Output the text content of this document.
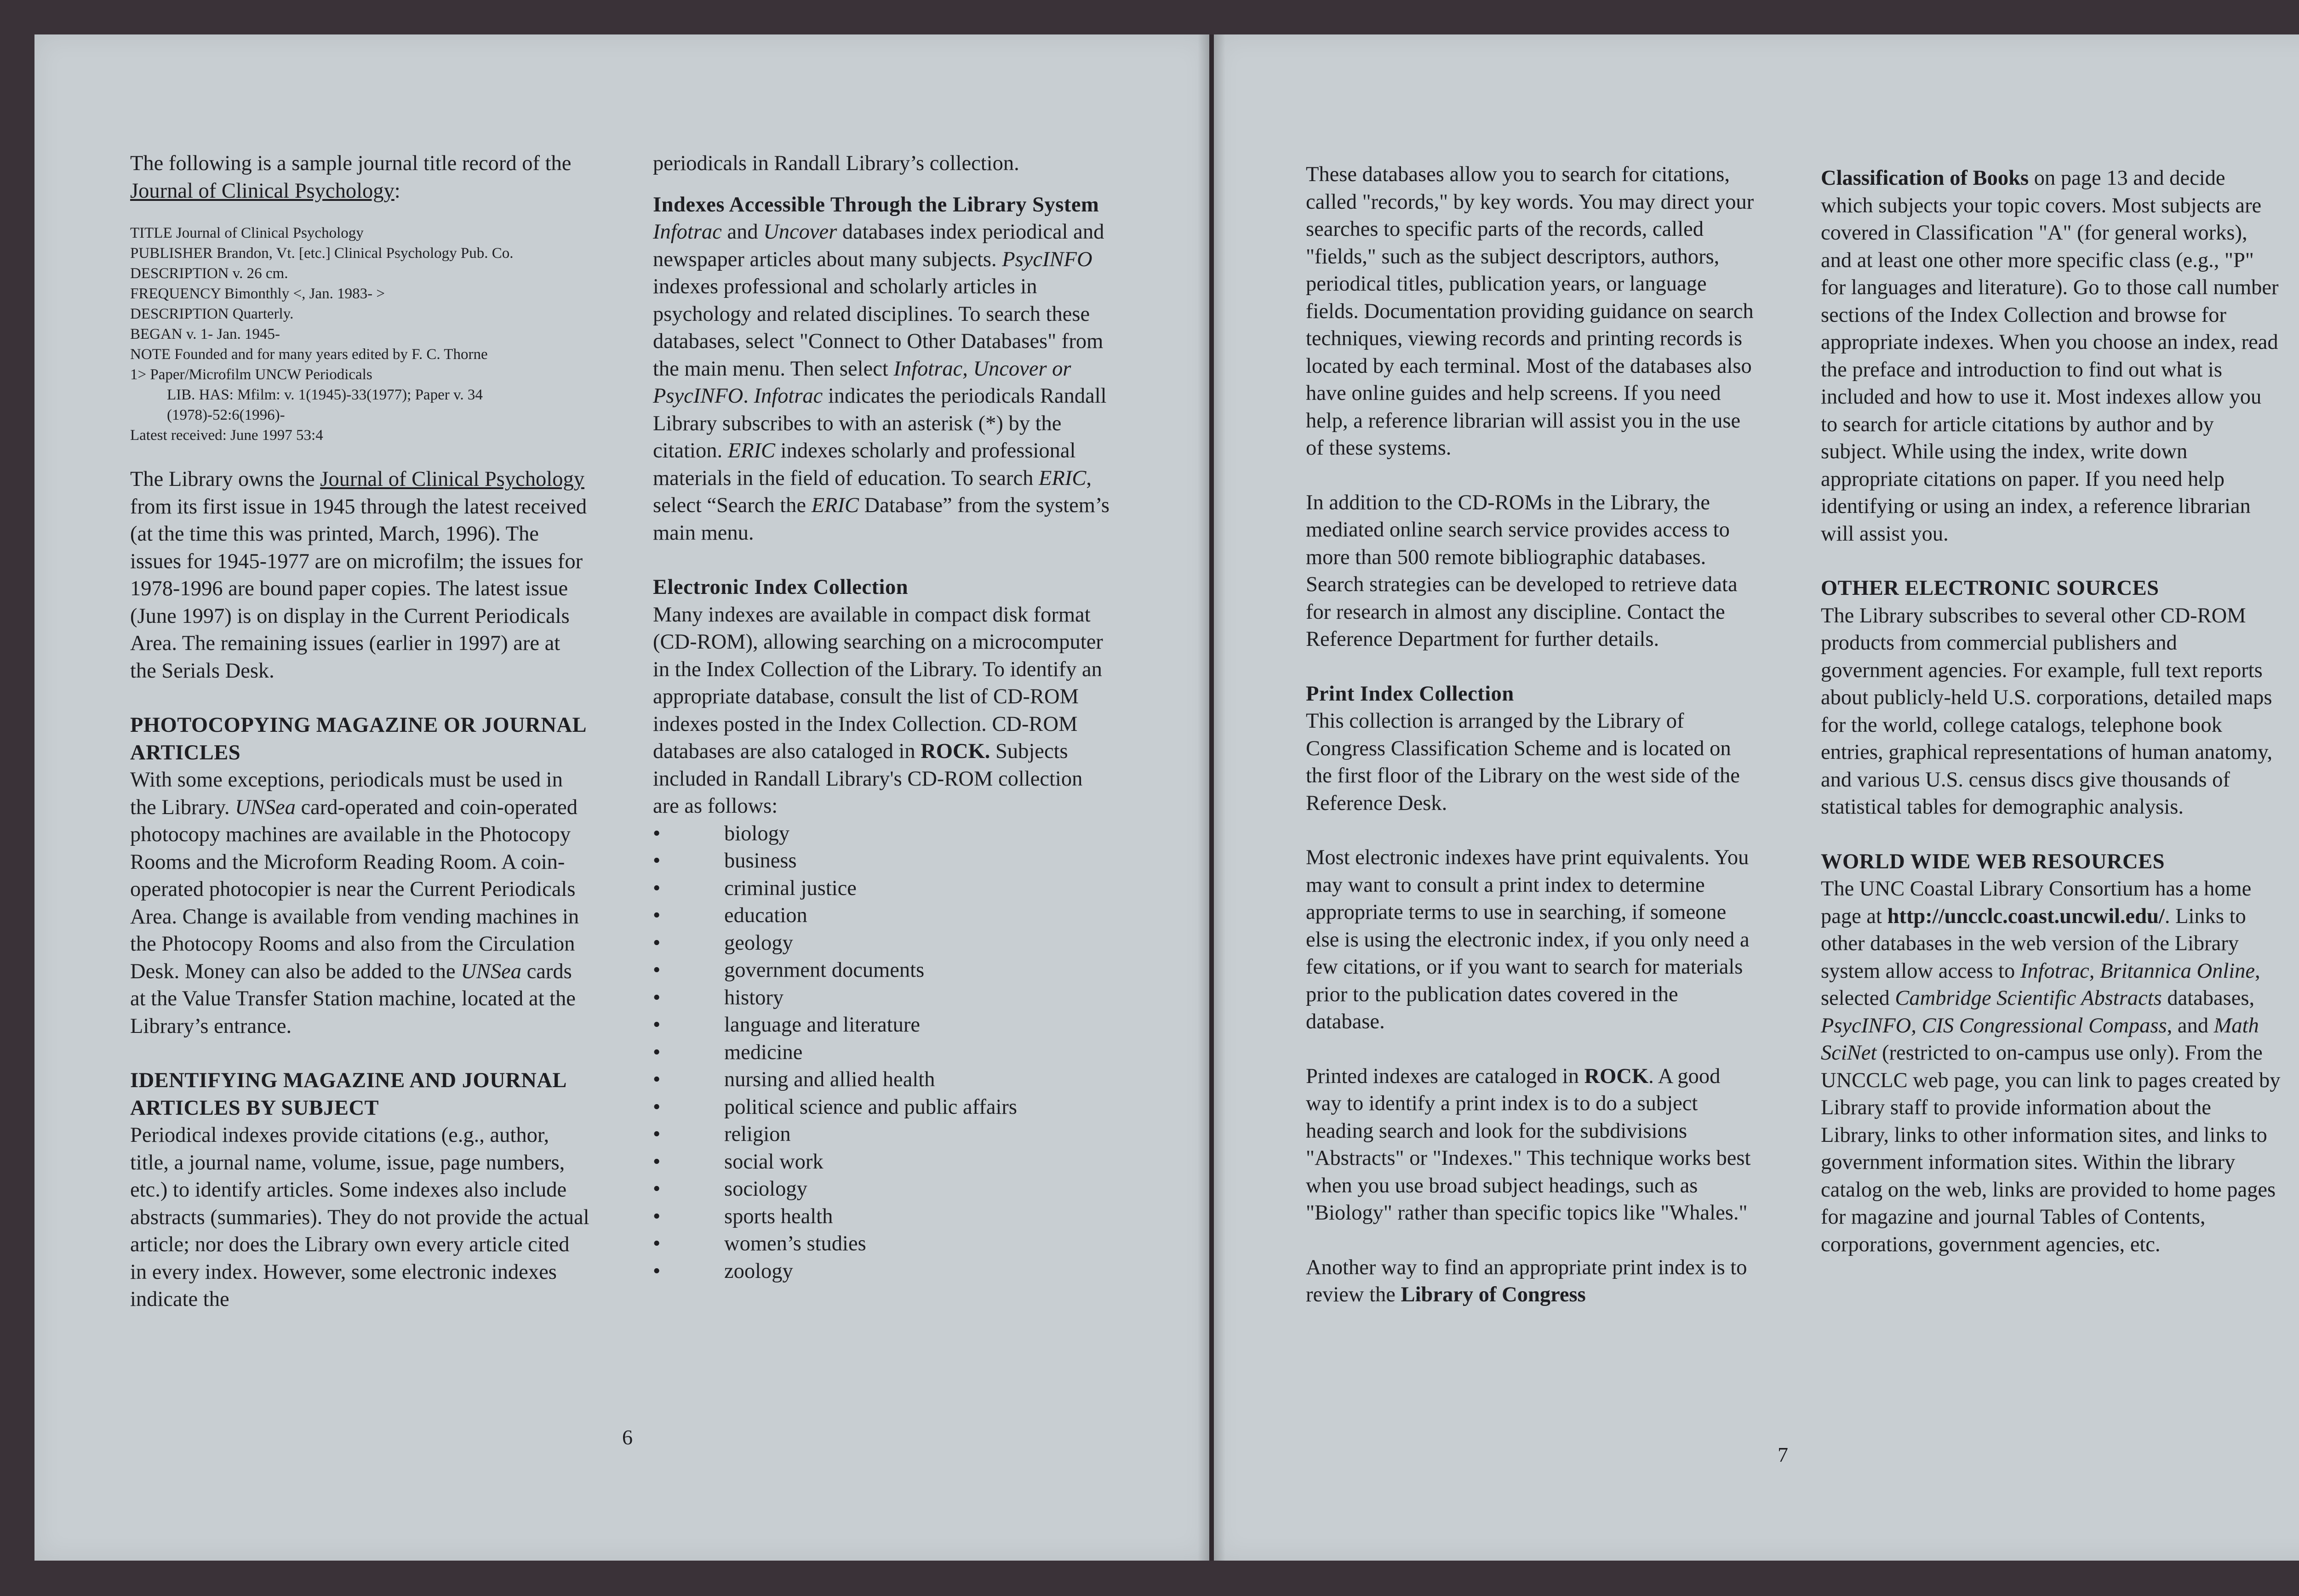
The following is a sample journal title record of the Journal of Clinical Psychology:

TITLE Journal of Clinical Psychology
PUBLISHER Brandon, Vt. [etc.] Clinical Psychology Pub. Co.
DESCRIPTION v. 26 cm.
FREQUENCY Bimonthly <, Jan. 1983- >
DESCRIPTION Quarterly.
BEGAN v. 1- Jan. 1945-
NOTE Founded and for many years edited by F. C. Thorne
1> Paper/Microfilm UNCW Periodicals
LIB. HAS: Mfilm: v. 1(1945)-33(1977); Paper v. 34
(1978)-52:6(1996)-
Latest received: June 1997 53:4

The Library owns the Journal of Clinical Psychology from its first issue in 1945 through the latest received (at the time this was printed, March, 1996). The issues for 1945-1977 are on microfilm; the issues for 1978-1996 are bound paper copies. The latest issue (June 1997) is on display in the Current Periodicals Area. The remaining issues (earlier in 1997) are at the Serials Desk.

PHOTOCOPYING MAGAZINE OR JOURNAL ARTICLES

With some exceptions, periodicals must be used in the Library. UNSea card-operated and coin-operated photocopy machines are available in the Photocopy Rooms and the Microform Reading Room. A coin-operated photocopier is near the Current Periodicals Area. Change is available from vending machines in the Photocopy Rooms and also from the Circulation Desk. Money can also be added to the UNSea cards at the Value Transfer Station machine, located at the Library’s entrance.

IDENTIFYING MAGAZINE AND JOURNAL ARTICLES BY SUBJECT

Periodical indexes provide citations (e.g., author, title, a journal name, volume, issue, page numbers, etc.) to identify articles. Some indexes also include abstracts (summaries). They do not provide the actual article; nor does the Library own every article cited in every index. However, some electronic indexes indicate the

periodicals in Randall Library’s collection.

Indexes Accessible Through the Library System

Infotrac and Uncover databases index periodical and newspaper articles about many subjects. PsycINFO indexes professional and scholarly articles in psychology and related disciplines. To search these databases, select "Connect to Other Databases" from the main menu. Then select Infotrac, Uncover or PsycINFO. Infotrac indicates the periodicals Randall Library subscribes to with an asterisk (*) by the citation. ERIC indexes scholarly and professional materials in the field of education. To search ERIC, select “Search the ERIC Database” from the system’s main menu.

Electronic Index Collection

Many indexes are available in compact disk format (CD-ROM), allowing searching on a microcomputer in the Index Collection of the Library. To identify an appropriate database, consult the list of CD-ROM indexes posted in the Index Collection. CD-ROM databases are also cataloged in ROCK. Subjects included in Randall Library's CD-ROM collection are as follows:

• biology
• business
• criminal justice
• education
• geology
• government documents
• history
• language and literature
• medicine
• nursing and allied health
• political science and public affairs
• religion
• social work
• sociology
• sports health
• women’s studies
• zoology
6

These databases allow you to search for citations, called "records," by key words. You may direct your searches to specific parts of the records, called "fields," such as the subject descriptors, authors, periodical titles, publication years, or language fields. Documentation providing guidance on search techniques, viewing records and printing records is located by each terminal. Most of the databases also have online guides and help screens. If you need help, a reference librarian will assist you in the use of these systems.

In addition to the CD-ROMs in the Library, the mediated online search service provides access to more than 500 remote bibliographic databases. Search strategies can be developed to retrieve data for research in almost any discipline. Contact the Reference Department for further details.

Print Index Collection

This collection is arranged by the Library of Congress Classification Scheme and is located on the first floor of the Library on the west side of the Reference Desk.

Most electronic indexes have print equivalents. You may want to consult a print index to determine appropriate terms to use in searching, if someone else is using the electronic index, if you only need a few citations, or if you want to search for materials prior to the publication dates covered in the database.

Printed indexes are cataloged in ROCK. A good way to identify a print index is to do a subject heading search and look for the subdivisions "Abstracts" or "Indexes." This technique works best when you use broad subject headings, such as "Biology" rather than specific topics like "Whales."

Another way to find an appropriate print index is to review the Library of Congress

Classification of Books on page 13 and decide which subjects your topic covers. Most subjects are covered in Classification "A" (for general works), and at least one other more specific class (e.g., "P" for languages and literature). Go to those call number sections of the Index Collection and browse for appropriate indexes. When you choose an index, read the preface and introduction to find out what is included and how to use it. Most indexes allow you to search for article citations by author and by subject. While using the index, write down appropriate citations on paper. If you need help identifying or using an index, a reference librarian will assist you.

OTHER ELECTRONIC SOURCES

The Library subscribes to several other CD-ROM products from commercial publishers and government agencies. For example, full text reports about publicly-held U.S. corporations, detailed maps for the world, college catalogs, telephone book entries, graphical representations of human anatomy, and various U.S. census discs give thousands of statistical tables for demographic analysis.

WORLD WIDE WEB RESOURCES

The UNC Coastal Library Consortium has a home page at http://uncclc.coast.uncwil.edu/. Links to other databases in the web version of the Library system allow access to Infotrac, Britannica Online, selected Cambridge Scientific Abstracts databases, PsycINFO, CIS Congressional Compass, and Math SciNet (restricted to on-campus use only). From the UNCCLC web page, you can link to pages created by Library staff to provide information about the Library, links to other information sites, and links to government information sites. Within the library catalog on the web, links are provided to home pages for magazine and journal Tables of Contents, corporations, government agencies, etc.

7
